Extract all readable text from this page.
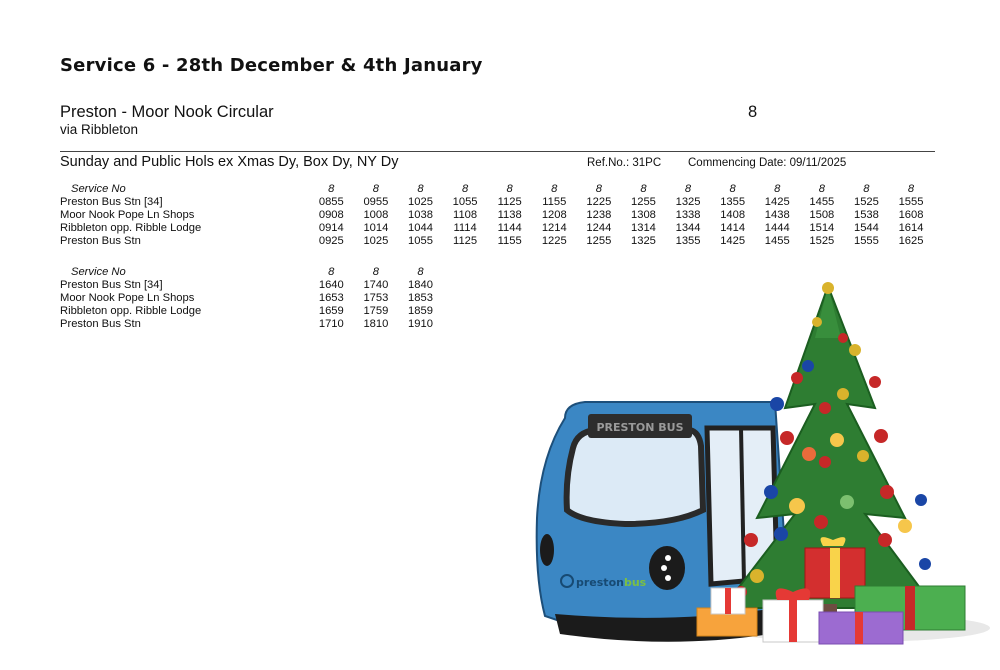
Service 6 - 28th December & 4th January
Preston - Moor Nook Circular
via Ribbleton
8
Sunday and Public Hols ex Xmas Dy, Box Dy, NY Dy	Ref.No.: 31PC Commencing Date: 09/11/2025
Service No	8	8	8	8	8	8	8	8	8	8	8	8	8	8
Preston Bus Stn [34]	0855	0955	1025	1055	1125	1155	1225	1255	1325	1355	1425	1455	1525	1555
Moor Nook Pope Ln Shops	0908	1008	1038	1108	1138	1208	1238	1308	1338	1408	1438	1508	1538	1608
Ribbleton opp. Ribble Lodge	0914	1014	1044	1114	1144	1214	1244	1314	1344	1414	1444	1514	1544	1614
Preston Bus Stn	0925	1025	1055	1125	1155	1225	1255	1325	1355	1425	1455	1525	1555	1625
Service No	8	8	8
Preston Bus Stn [34]	1640	1740	1840
Moor Nook Pope Ln Shops	1653	1753	1853
Ribbleton opp. Ribble Lodge	1659	1759	1859
Preston Bus Stn	1710	1810	1910
PRESTON BUS
prestonbus
